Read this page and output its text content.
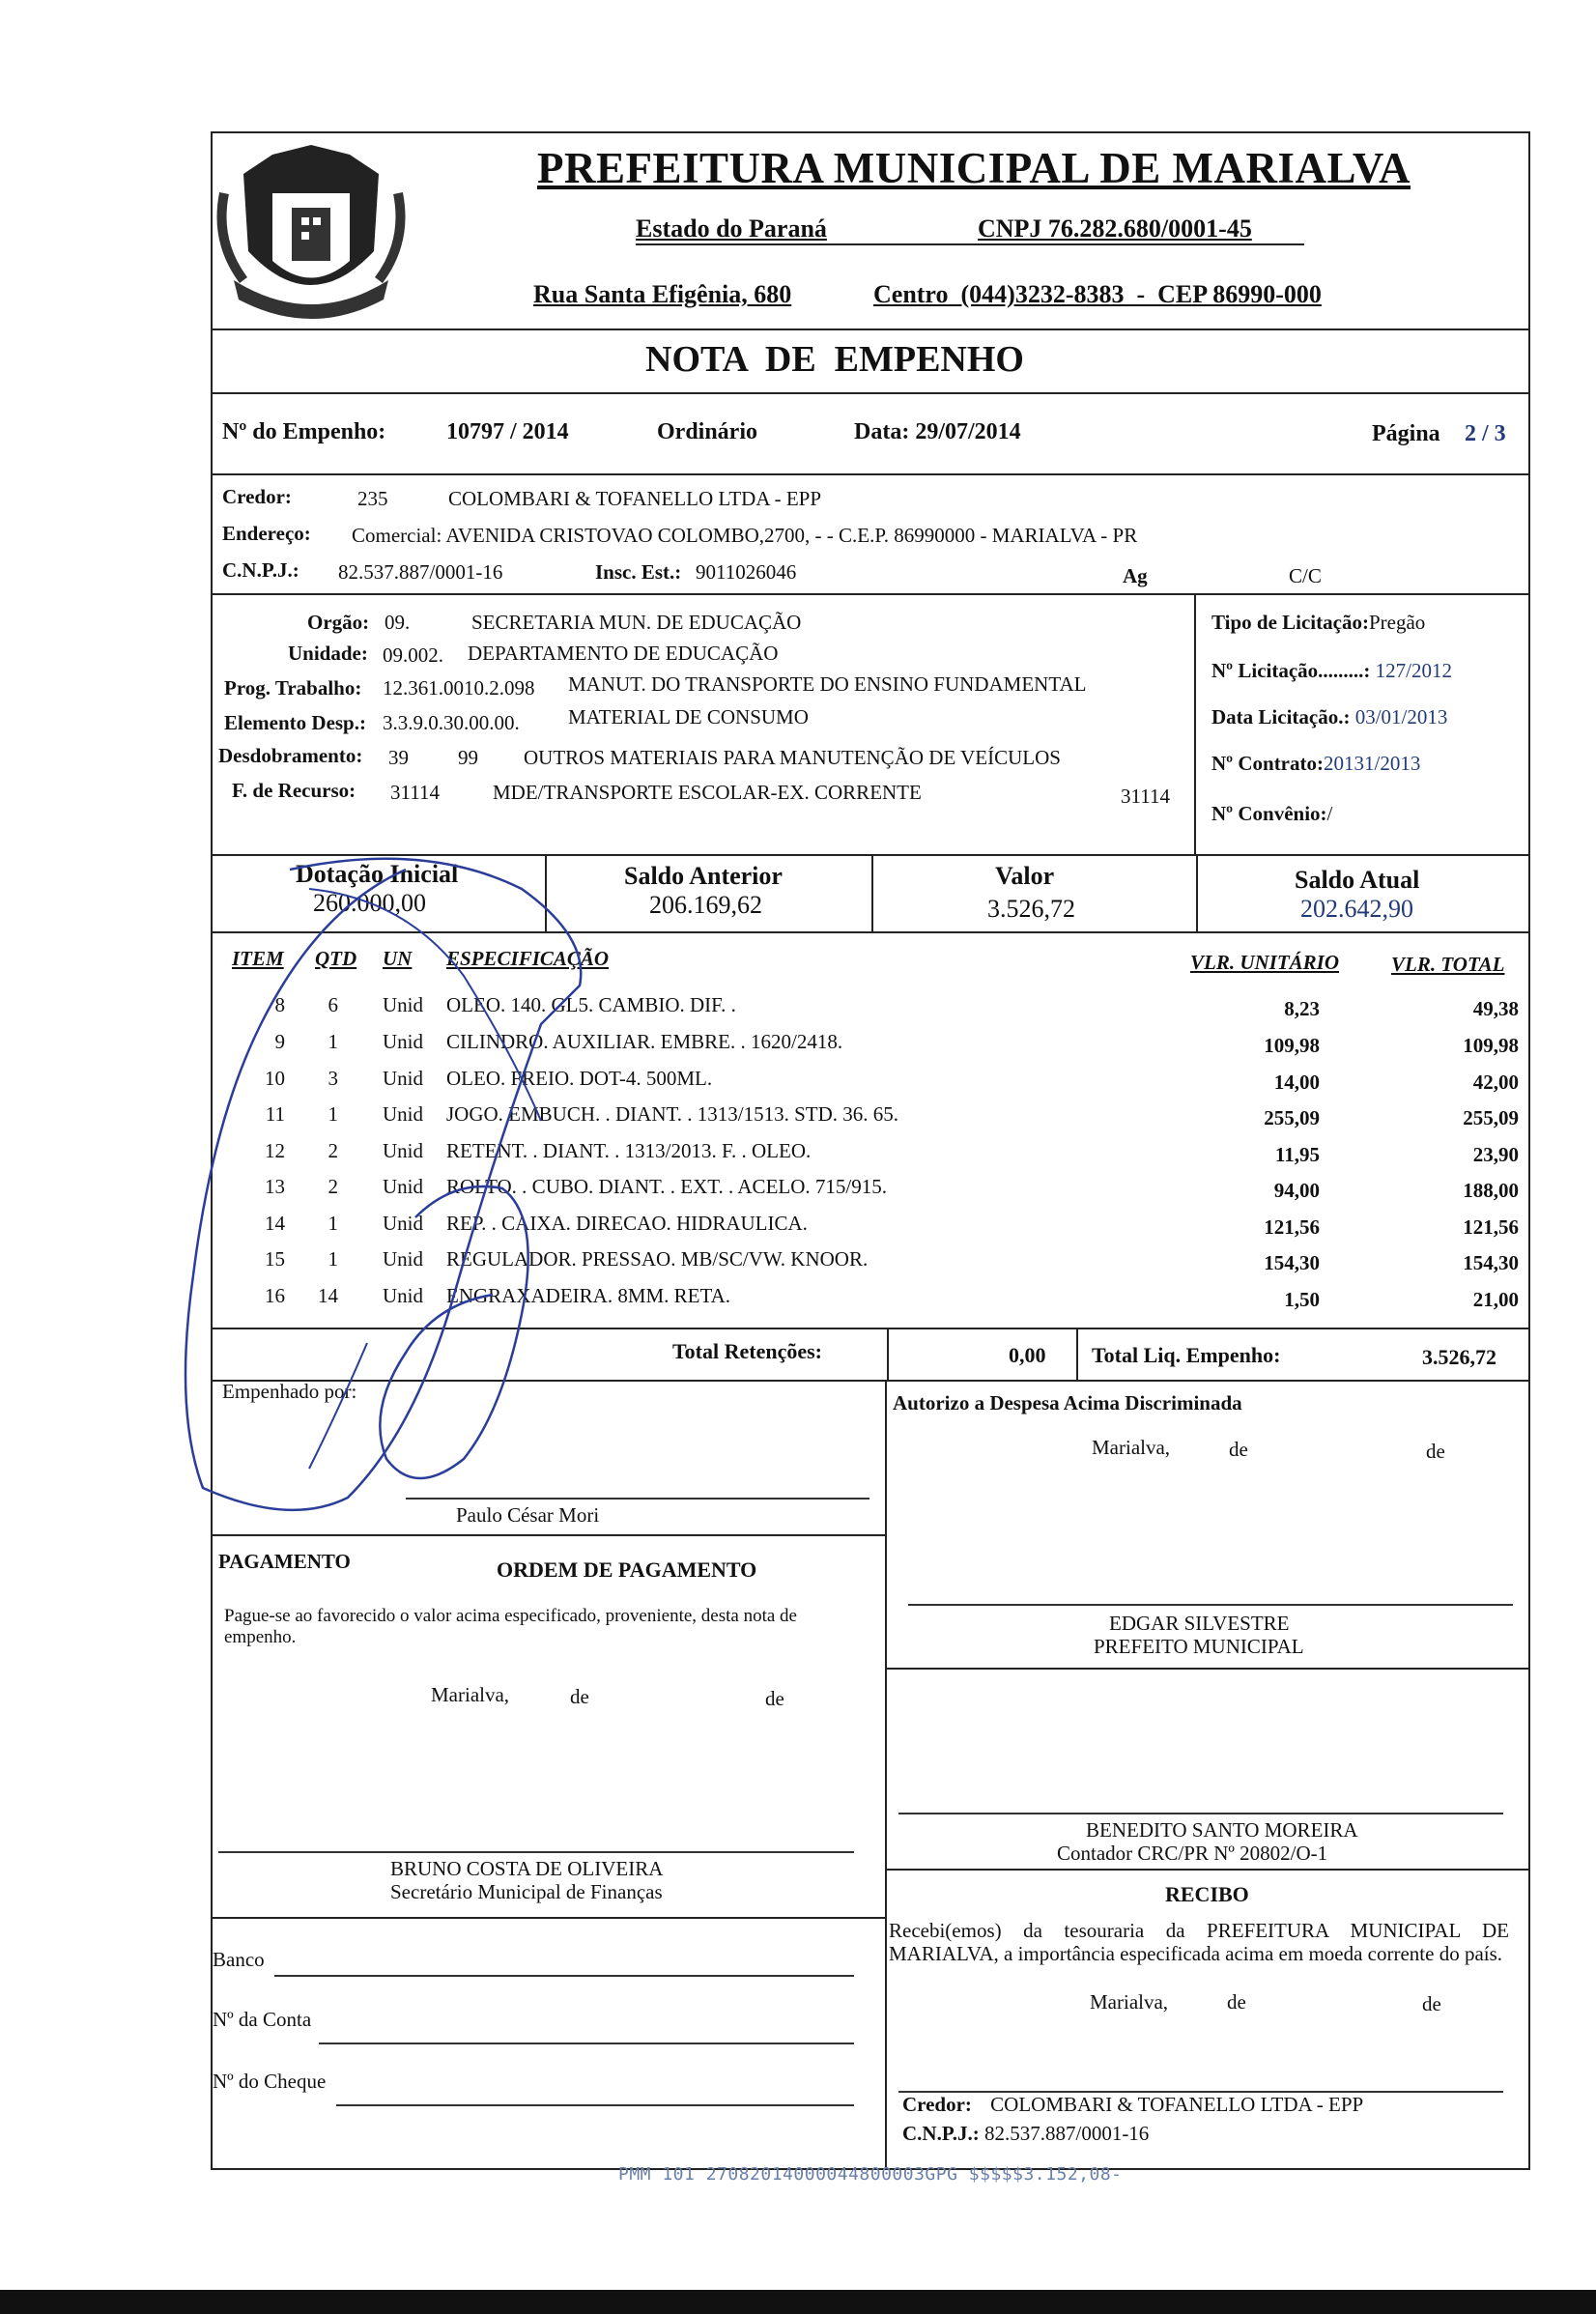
PREFEITURA MUNICIPAL DE MARIALVA
Estado do Paraná	CNPJ 76.282.680/0001-45
Rua Santa Efigênia, 680	Centro  (044)3232-8383  -  CEP 86990-000
NOTA  DE  EMPENHO
Nº do Empenho:	10797 / 2014	Ordinário	Data: 29/07/2014	Página 2 / 3
Credor:	235	COLOMBARI & TOFANELLO LTDA - EPP
Endereço: Comercial: AVENIDA CRISTOVAO COLOMBO,2700, - - C.E.P. 86990000 - MARIALVA - PR
C.N.P.J.: 82.537.887/0001-16	Insc. Est.: 9011026046	Ag	C/C
Orgão: 09.	SECRETARIA MUN. DE EDUCAÇÃO
Unidade: 09.002. DEPARTAMENTO DE EDUCAÇÃO
Prog. Trabalho: 12.361.0010.2.098 MANUT. DO TRANSPORTE DO ENSINO FUNDAMENTAL
Elemento Desp.: 3.3.9.0.30.00.00. MATERIAL DE CONSUMO
Desdobramento: 39 99 OUTROS MATERIAIS PARA MANUTENÇÃO DE VEÍCULOS
F. de Recurso: 31114	MDE/TRANSPORTE ESCOLAR-EX. CORRENTE	31114
Tipo de Licitação:Pregão
Nº Licitação.........: 127/2012
Data Licitação.: 03/01/2013
Nº Contrato:20131/2013
Nº Convênio:/
Dotação Inicial
260.000,00
Saldo Anterior
206.169,62
Valor
3.526,72
Saldo Atual
202.642,90
ITEM QTD UN ESPECIFICAÇÃO	VLR. UNITÁRIO	VLR. TOTAL
8 6 Unid OLEO. 140. GL5. CAMBIO. DIF. .	8,23	49,38
9 1 Unid CILINDRO. AUXILIAR. EMBRE. . 1620/2418.	109,98	109,98
10 3 Unid OLEO. FREIO. DOT-4. 500ML.	14,00	42,00
11 1 Unid JOGO. EMBUCH. . DIANT. . 1313/1513. STD. 36. 65.	255,09	255,09
12 2 Unid RETENT. . DIANT. . 1313/2013. F. . OLEO.	11,95	23,90
13 2 Unid ROLTO. . CUBO. DIANT. . EXT. . ACELO. 715/915.	94,00	188,00
14 1 Unid REP. . CAIXA. DIRECAO. HIDRAULICA.	121,56	121,56
15 1 Unid REGULADOR. PRESSAO. MB/SC/VW. KNOOR.	154,30	154,30
16 14 Unid ENGRAXADEIRA. 8MM. RETA.	1,50	21,00
Total Retenções:	0,00 Total Liq. Empenho:	3.526,72
Empenhado por:
Paulo César Mori
Autorizo a Despesa Acima Discriminada
Marialva,	de	de
EDGAR SILVESTRE
PREFEITO MUNICIPAL
PAGAMENTO	ORDEM DE PAGAMENTO
Pague-se ao favorecido o valor acima especificado, proveniente, desta nota de empenho.
Marialva,	de	de
BRUNO COSTA DE OLIVEIRA
Secretário Municipal de Finanças
Banco
Nº da Conta
Nº do Cheque
BENEDITO SANTO MOREIRA
Contador CRC/PR Nº 20802/O-1
RECIBO
Recebi(emos) da tesouraria da PREFEITURA MUNICIPAL DE MARIALVA, a importância especificada acima em moeda corrente do país.
Marialva,	de	de
Credor: COLOMBARI & TOFANELLO LTDA - EPP
C.N.P.J.: 82.537.887/0001-16
PMM 101 27082014000044800003GPG $$$$$3.152,08-
